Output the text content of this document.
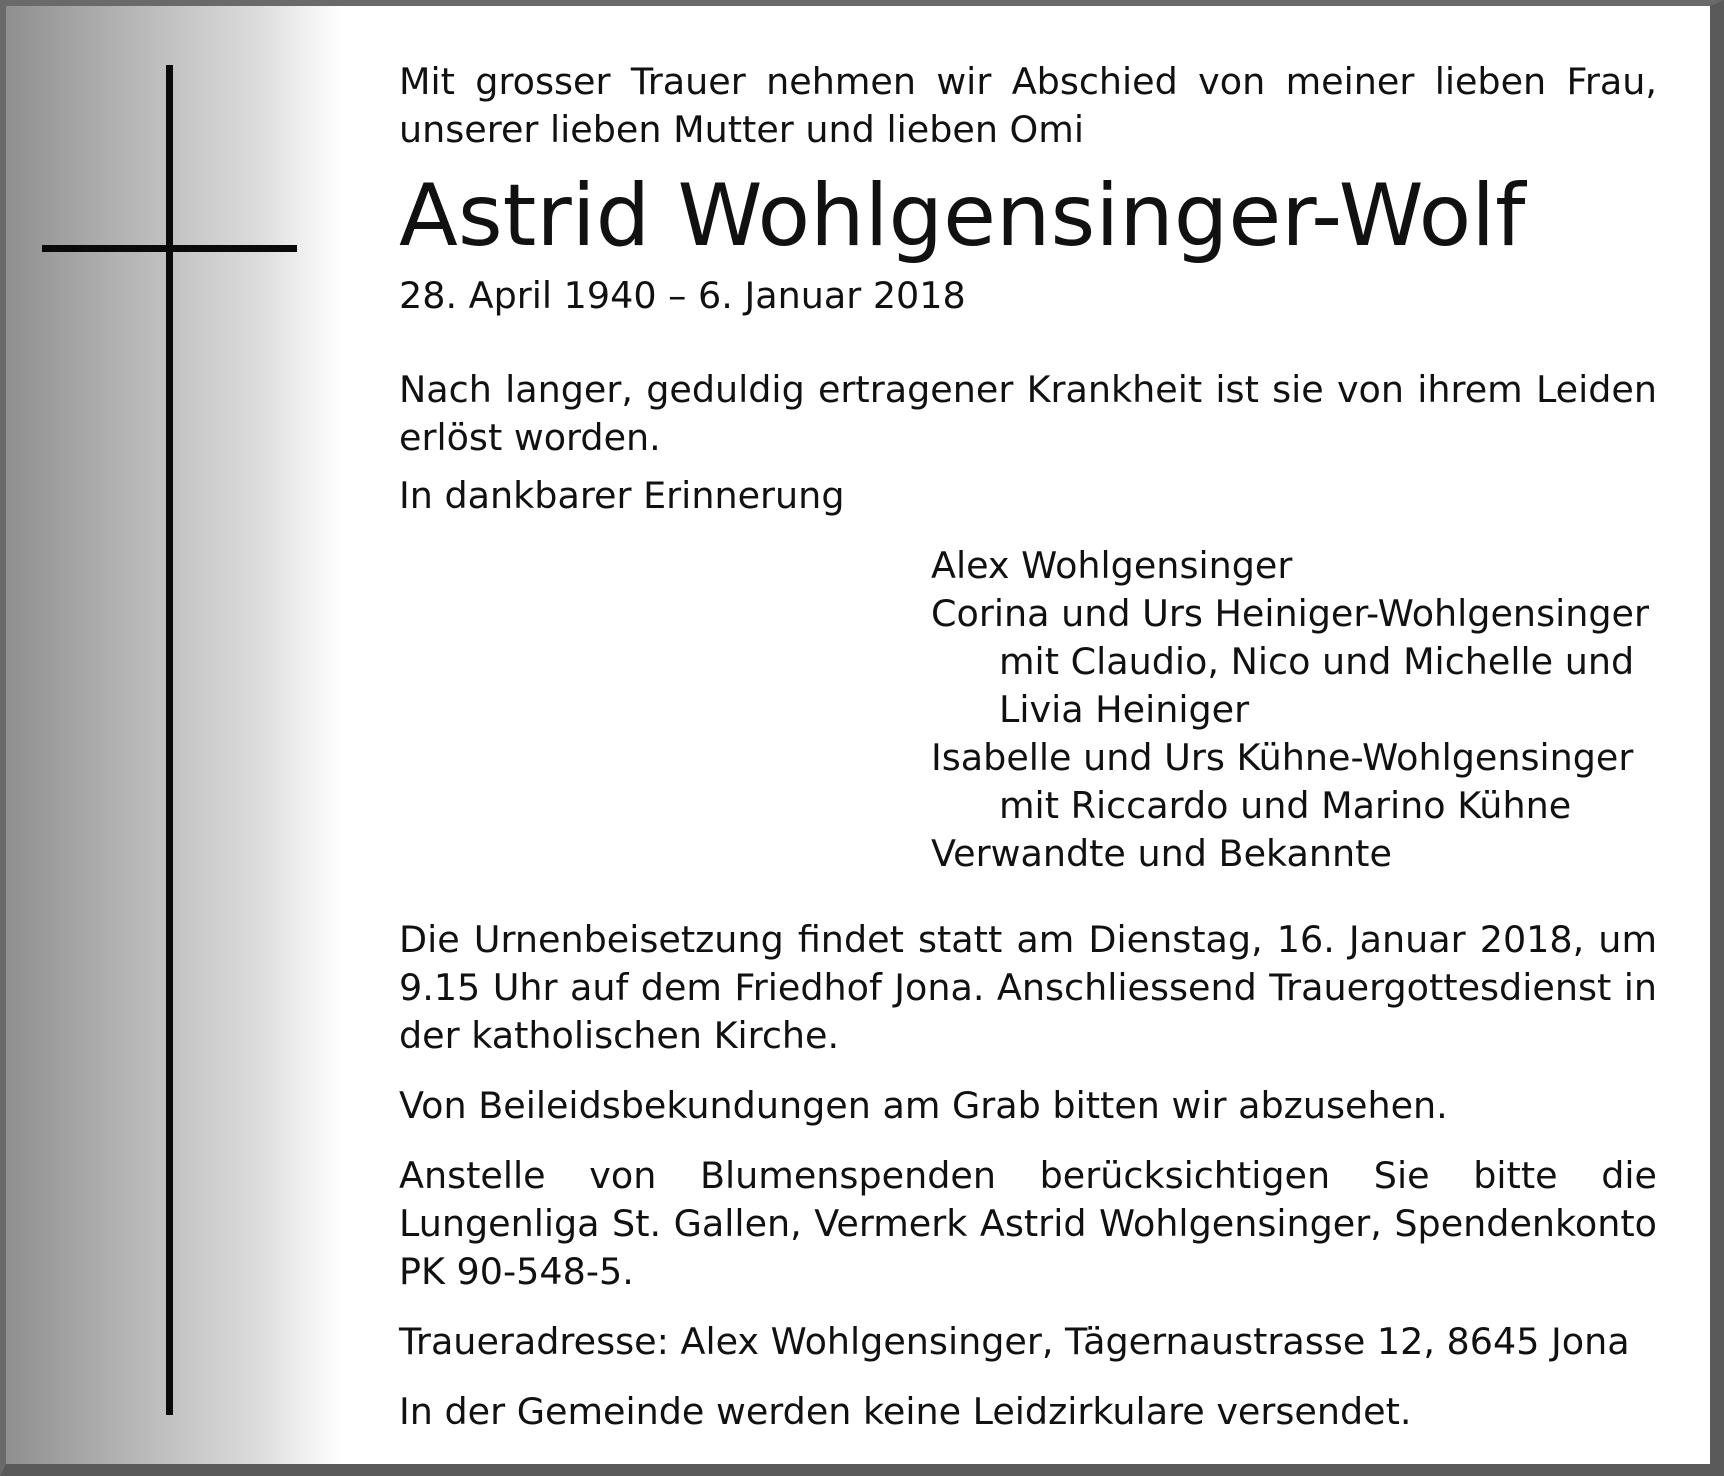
Mit grosser Trauer nehmen wir Abschied von meiner lieben Frau, unserer lieben Mutter und lieben Omi

Astrid Wohlgensinger-Wolf

28. April 1940 – 6. Januar 2018

Nach langer, geduldig ertragener Krankheit ist sie von ihrem Leiden erlöst worden.

In dankbarer Erinnerung

Alex Wohlgensinger

Corina und Urs Heiniger-Wohlgensinger

mit Claudio, Nico und Michelle und

Livia Heiniger

Isabelle und Urs Kühne-Wohlgensinger

mit Riccardo und Marino Kühne

Verwandte und Bekannte

Die Urnenbeisetzung findet statt am Dienstag, 16. Januar 2018, um 9.15 Uhr auf dem Friedhof Jona. Anschliessend Trauergottesdienst in der katholischen Kirche.

Von Beileidsbekundungen am Grab bitten wir abzusehen.

Anstelle von Blumenspenden berücksichtigen Sie bitte die Lungenliga St. Gallen, Vermerk Astrid Wohlgensinger, Spendenkonto PK 90-548-5.

Traueradresse: Alex Wohlgensinger, Tägernaustrasse 12, 8645 Jona

In der Gemeinde werden keine Leidzirkulare versendet.
